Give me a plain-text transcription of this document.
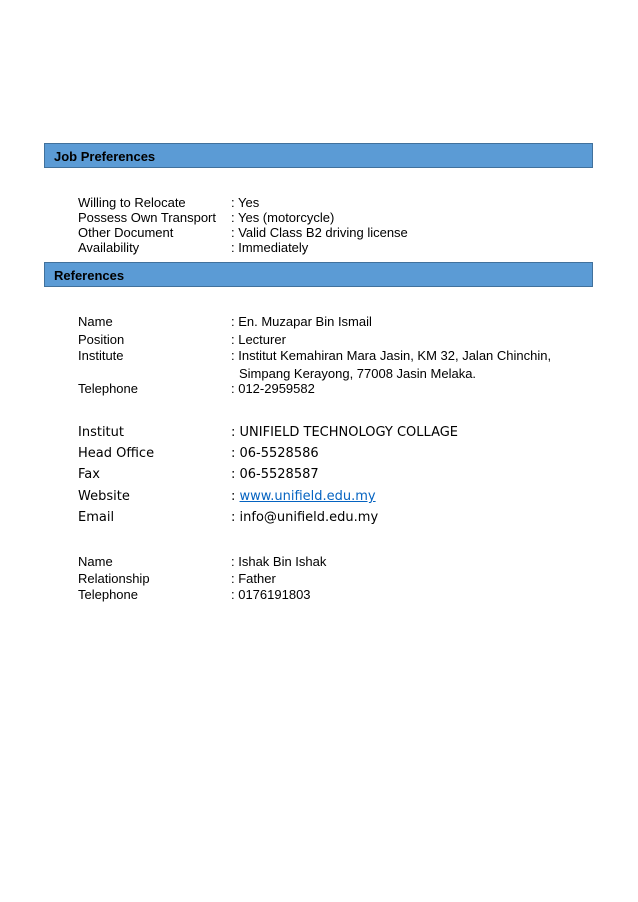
Job Preferences
Willing to Relocate	: Yes
Possess Own Transport : Yes (motorcycle)
Other Document	: Valid Class B2 driving license
Availability	: Immediately
References
Name	: En. Muzapar Bin Ismail
Position	: Lecturer
Institute	: Institut Kemahiran Mara Jasin, KM 32, Jalan Chinchin,
Simpang Kerayong, 77008 Jasin Melaka.
Telephone	: 012-2959582
Institut	: UNIFIELD TECHNOLOGY COLLAGE
Head Office	: 06-5528586
Fax	: 06-5528587
Website	: www.unifield.edu.my
Email	: info@unifield.edu.my
Name	: Ishak Bin Ishak
Relationship	: Father
Telephone	: 0176191803
